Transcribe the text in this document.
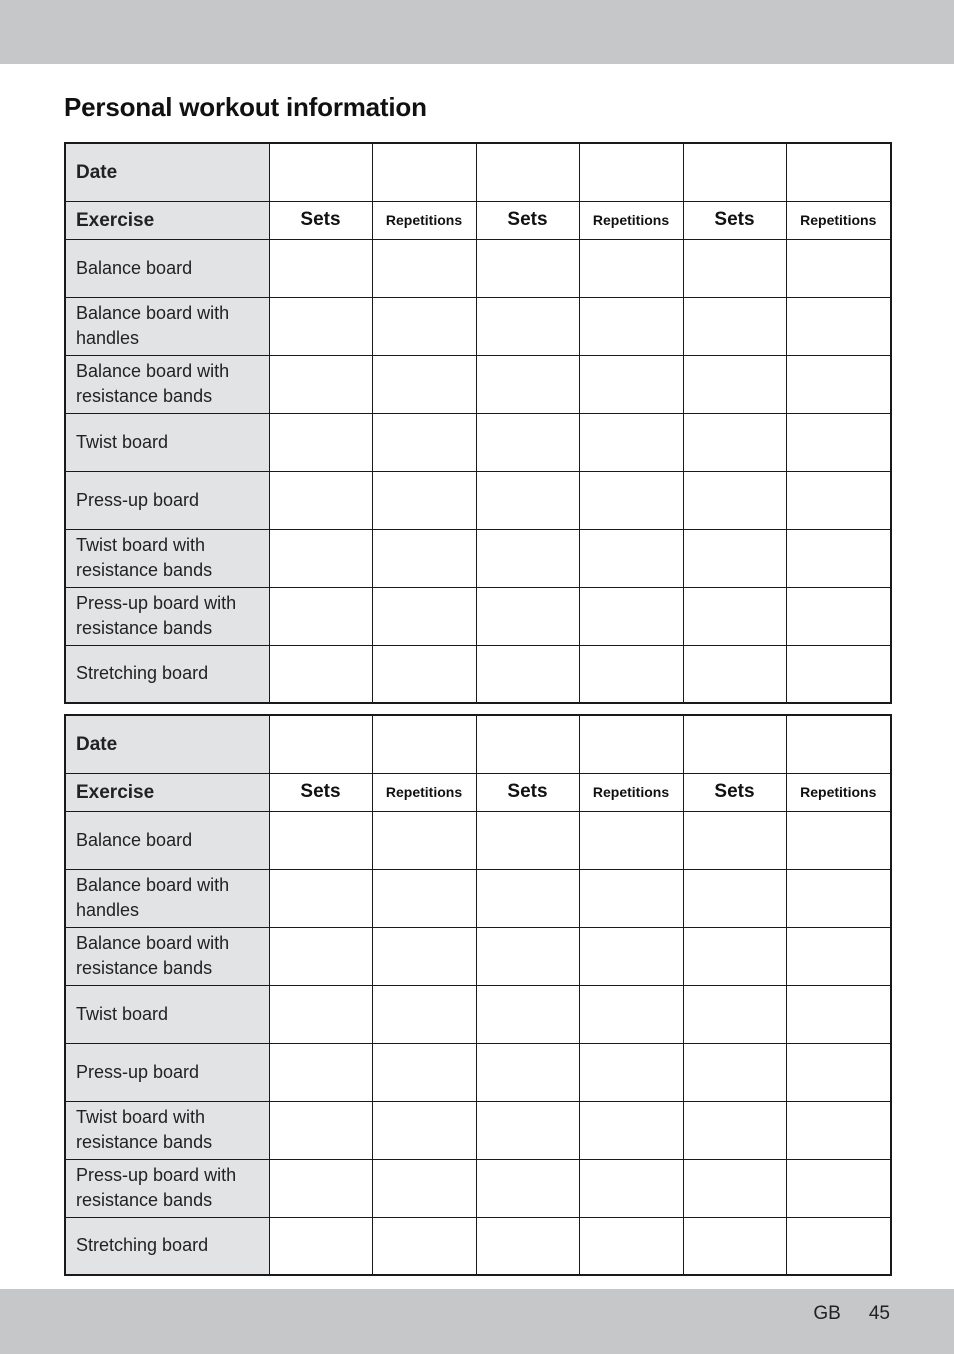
Personal workout information
Date						
Exercise	Sets	Repetitions	Sets	Repetitions	Sets	Repetitions
Balance board						
Balance board with handles						
Balance board with resistance bands						
Twist board						
Press-up board						
Twist board with resistance bands						
Press-up board with resistance bands						
Stretching board						
Date						
Exercise	Sets	Repetitions	Sets	Repetitions	Sets	Repetitions
Balance board						
Balance board with handles						
Balance board with resistance bands						
Twist board						
Press-up board						
Twist board with resistance bands						
Press-up board with resistance bands						
Stretching board						
GB 45
